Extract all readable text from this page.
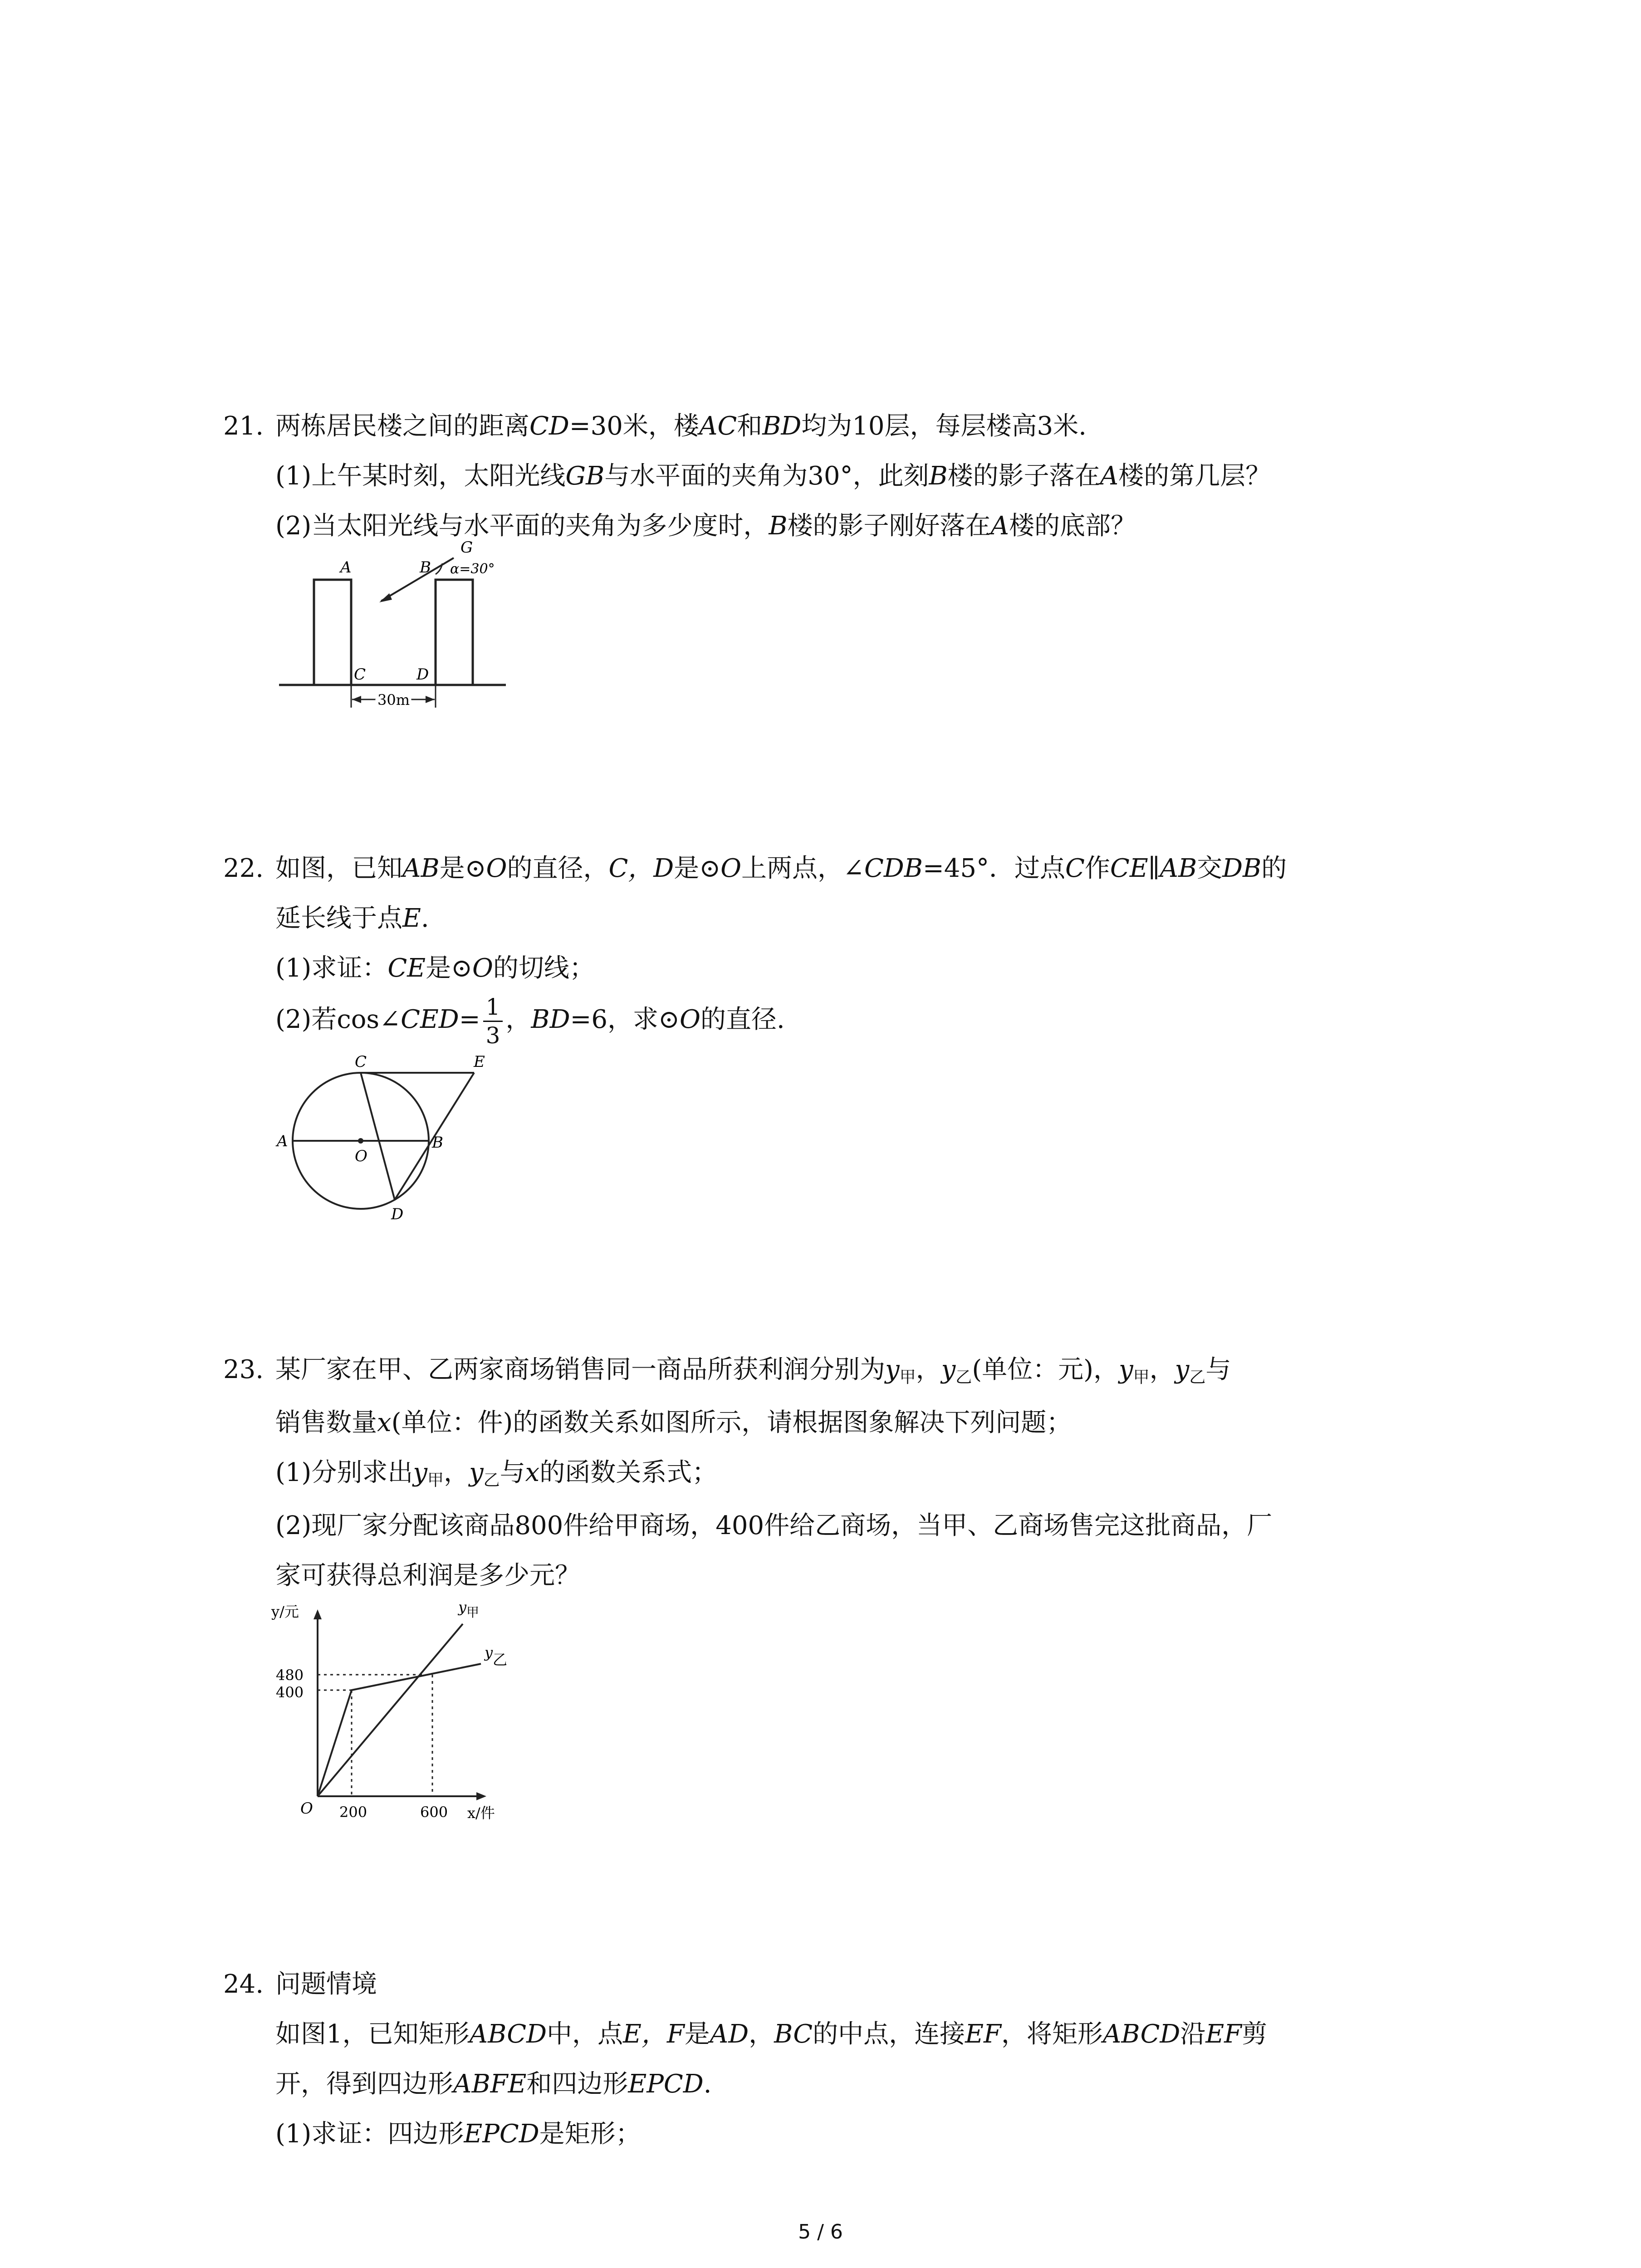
21. 两栋居民楼之间的距离CD=30米，楼AC和BD均为10层，每层楼高3米.
(1)上午某时刻，太阳光线GB与水平面的夹角为30°，此刻B楼的影子落在A楼的第几层？
(2)当太阳光线与水平面的夹角为多少度时，B楼的影子刚好落在A楼的底部？
A	B
G
α=30°
C	D
30m
22. 如图，已知AB是⊙O的直径，C，D是⊙O上两点，∠CDB=45°．过点C作CE∥AB交DB的
延长线于点E.
(1)求证：CE是⊙O的切线；
(2)若cos∠CED= $\frac{1}{3}$ ，BD=6，求⊙O的直径.
A
O
B
C
D
E
23. 某厂家在甲、乙两家商场销售同一商品所获利润分别为y甲，y乙(单位：元)，y甲，y乙与
销售数量x(单位：件)的函数关系如图所示，请根据图象解决下列问题；
(1)分别求出y甲，y乙与x的函数关系式；
(2)现厂家分配该商品800件给甲商场，400件给乙商场，当甲、乙商场售完这批商品，厂
家可获得总利润是多少元？
y/元
x/件
O
480
400
200	600
y 甲
y 乙
24. 问题情境
如图1，已知矩形ABCD中，点E，F是AD，BC的中点，连接EF，将矩形ABCD沿EF剪
开，得到四边形ABFE和四边形EPCD.
(1)求证：四边形EPCD是矩形；
5 / 6
